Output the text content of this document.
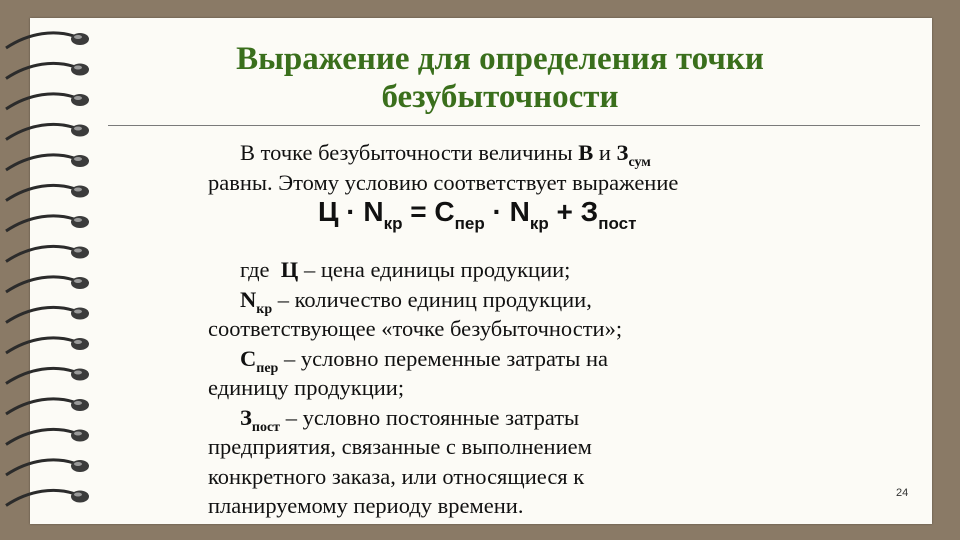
Выражение для определения точки безубыточности

В точке безубыточности величины В и $З_{сум}$

равны. Этому условию соответствует выражение

где Ц – цена единицы продукции;

$N_{кр}$ – количество единиц продукции,

соответствующее «точке безубыточности»;

$С_{пер}$ – условно переменные затраты на

единицу продукции;

$З_{пост}$ – условно постоянные затраты

предприятия, связанные с выполнением

конкретного заказа, или относящиеся к

планируемому периоду времени.

$Ц \cdot N_{кр} = С_{пер} \cdot N_{кр} + З_{пост}$
24
